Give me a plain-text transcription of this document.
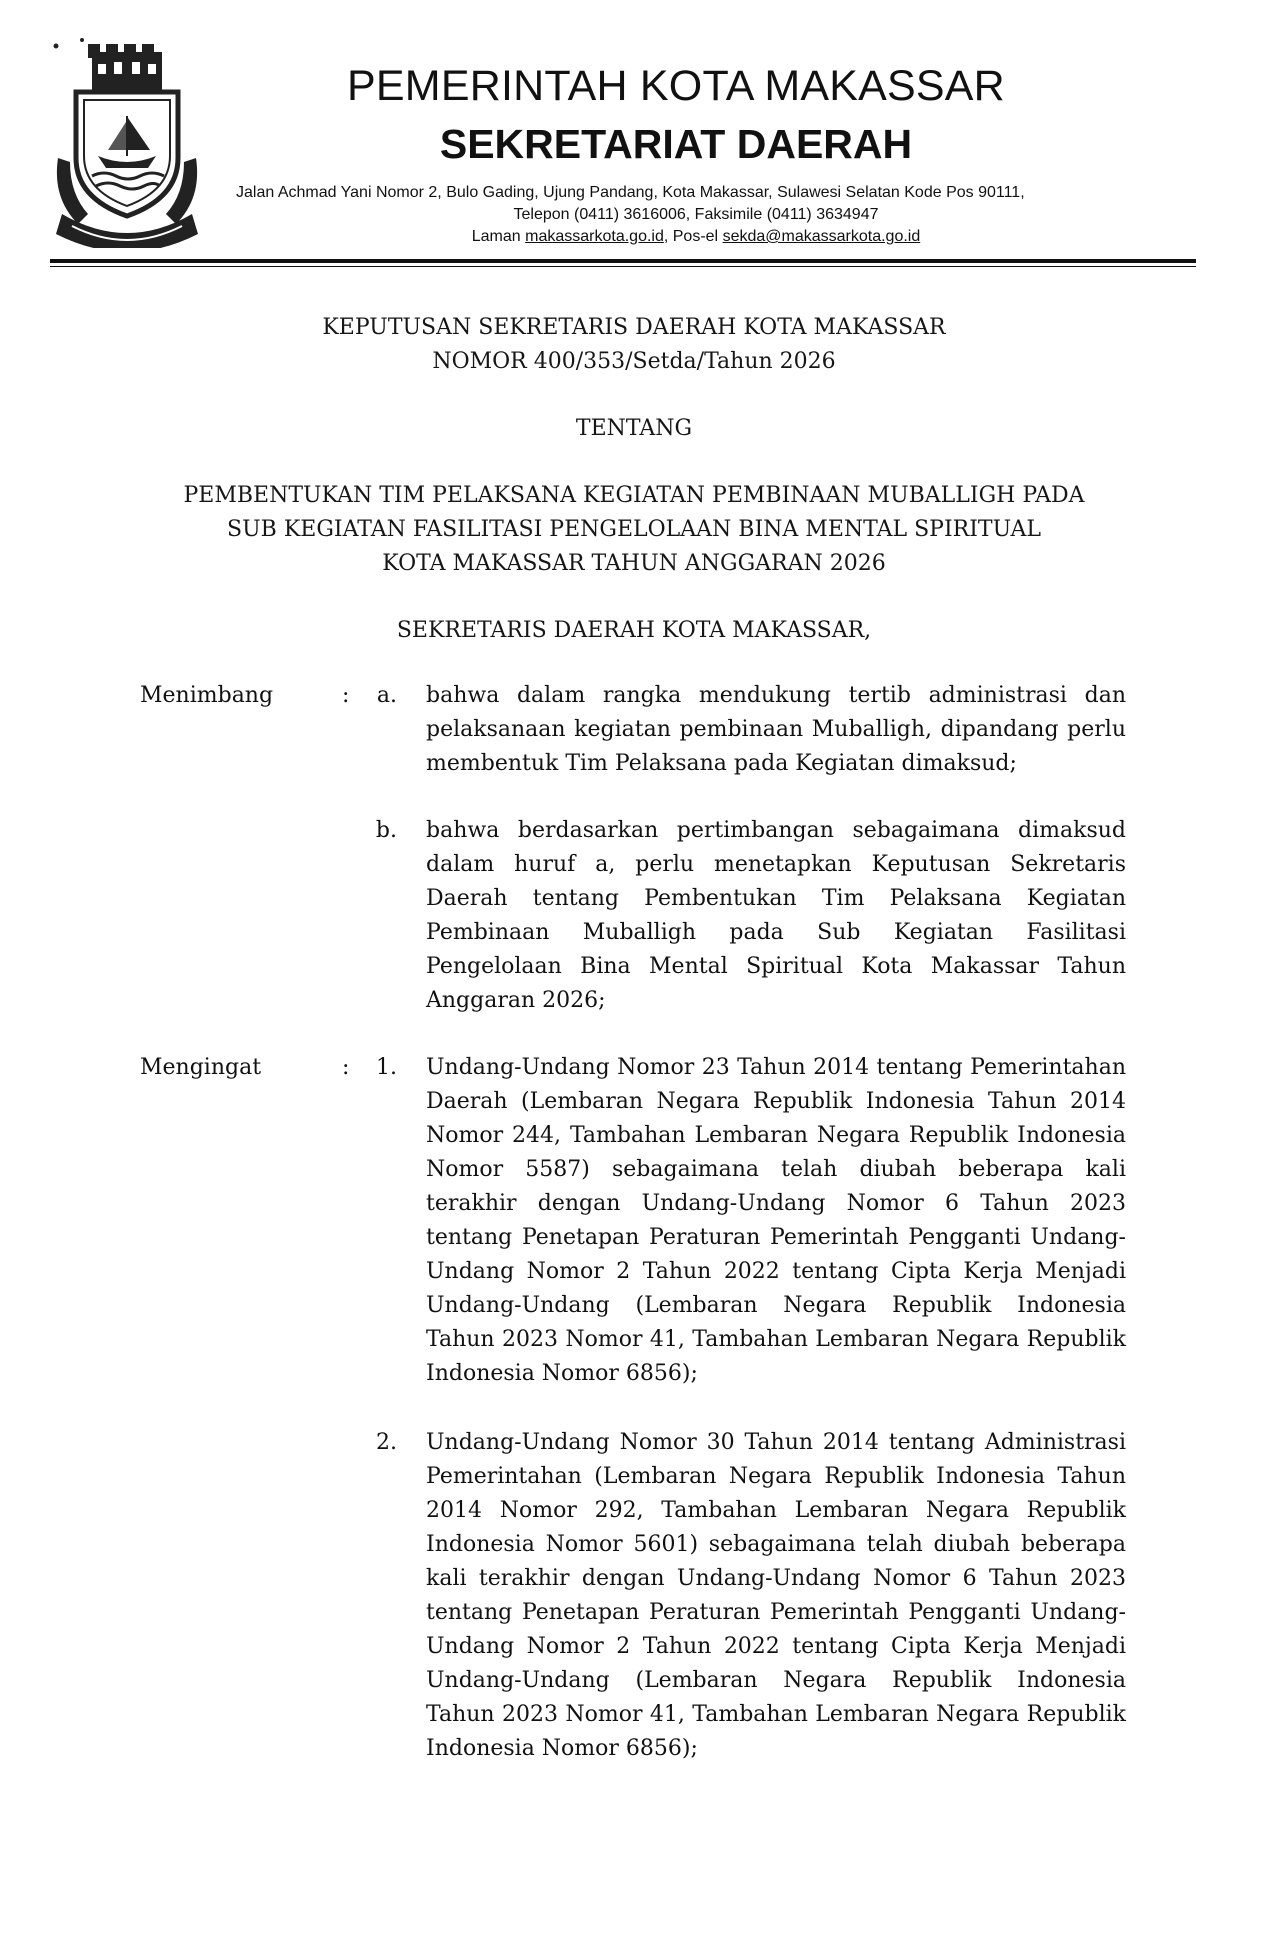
PEMERINTAH KOTA MAKASSAR
SEKRETARIAT DAERAH
Jalan Achmad Yani Nomor 2, Bulo Gading, Ujung Pandang, Kota Makassar, Sulawesi Selatan Kode Pos 90111,
Telepon (0411) 3616006, Faksimile (0411) 3634947
Laman makassarkota.go.id, Pos-el sekda@makassarkota.go.id
KEPUTUSAN SEKRETARIS DAERAH KOTA MAKASSAR
NOMOR 400/353/Setda/Tahun 2026
TENTANG
PEMBENTUKAN TIM PELAKSANA KEGIATAN PEMBINAAN MUBALLIGH PADA
SUB KEGIATAN FASILITASI PENGELOLAAN BINA MENTAL SPIRITUAL
KOTA MAKASSAR TAHUN ANGGARAN 2026
SEKRETARIS DAERAH KOTA MAKASSAR,
Menimbang	:	a. bahwa dalam rangka mendukung tertib administrasi dan pelaksanaan kegiatan pembinaan Muballigh, dipandang perlu membentuk Tim Pelaksana pada Kegiatan dimaksud;
b. bahwa berdasarkan pertimbangan sebagaimana dimaksud dalam huruf a, perlu menetapkan Keputusan Sekretaris Daerah tentang Pembentukan Tim Pelaksana Kegiatan Pembinaan Muballigh pada Sub Kegiatan Fasilitasi Pengelolaan Bina Mental Spiritual Kota Makassar Tahun Anggaran 2026;
Mengingat	:	1. Undang-Undang Nomor 23 Tahun 2014 tentang Pemerintahan Daerah (Lembaran Negara Republik Indonesia Tahun 2014 Nomor 244, Tambahan Lembaran Negara Republik Indonesia Nomor 5587) sebagaimana telah diubah beberapa kali terakhir dengan Undang-Undang Nomor 6 Tahun 2023 tentang Penetapan Peraturan Pemerintah Pengganti Undang-Undang Nomor 2 Tahun 2022 tentang Cipta Kerja Menjadi Undang-Undang (Lembaran Negara Republik Indonesia Tahun 2023 Nomor 41, Tambahan Lembaran Negara Republik Indonesia Nomor 6856);
2. Undang-Undang Nomor 30 Tahun 2014 tentang Administrasi Pemerintahan (Lembaran Negara Republik Indonesia Tahun 2014 Nomor 292, Tambahan Lembaran Negara Republik Indonesia Nomor 5601) sebagaimana telah diubah beberapa kali terakhir dengan Undang-Undang Nomor 6 Tahun 2023 tentang Penetapan Peraturan Pemerintah Pengganti Undang-Undang Nomor 2 Tahun 2022 tentang Cipta Kerja Menjadi Undang-Undang (Lembaran Negara Republik Indonesia Tahun 2023 Nomor 41, Tambahan Lembaran Negara Republik Indonesia Nomor 6856);
